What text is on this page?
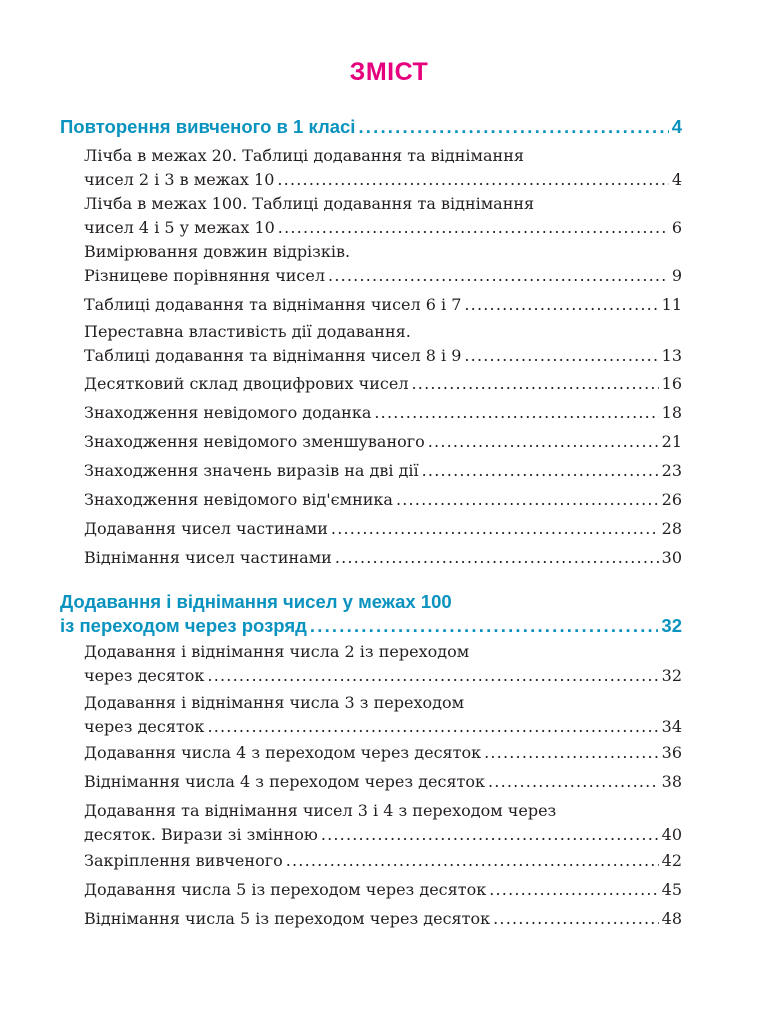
ЗМІСТ
Повторення вивченого в 1 класі .....	4
Лічба в межах 20. Таблиці додавання та віднімання
чисел 2 і 3 в межах 10 .....	4
Лічба в межах 100. Таблиці додавання та віднімання
чисел 4 і 5 у межах 10 .....	6
Вимірювання довжин відрізків.
Різницеве порівняння чисел .....	9
Таблиці додавання та віднімання чисел 6 і 7 .....	11
Переставна властивість дії додавання.
Таблиці додавання та віднімання чисел 8 і 9 .....	13
Десятковий склад двоцифрових чисел .....	16
Знаходження невідомого доданка .....	18
Знаходження невідомого зменшуваного .....	21
Знаходження значень виразів на дві дії .....	23
Знаходження невідомого від'ємника .....	26
Додавання чисел частинами .....	28
Віднімання чисел частинами .....	30
Додавання і віднімання чисел у межах 100
із переходом через розряд .....	32
Додавання і віднімання числа 2 із переходом
через десяток .....	32
Додавання і віднімання числа 3 з переходом
через десяток .....	34
Додавання числа 4 з переходом через десяток .....	36
Віднімання числа 4 з переходом через десяток .....	38
Додавання та віднімання чисел 3 і 4 з переходом через
десяток. Вирази зі змінною .....	40
Закріплення вивченого .....	42
Додавання числа 5 із переходом через десяток .....	45
Віднімання числа 5 із переходом через десяток .....	48
